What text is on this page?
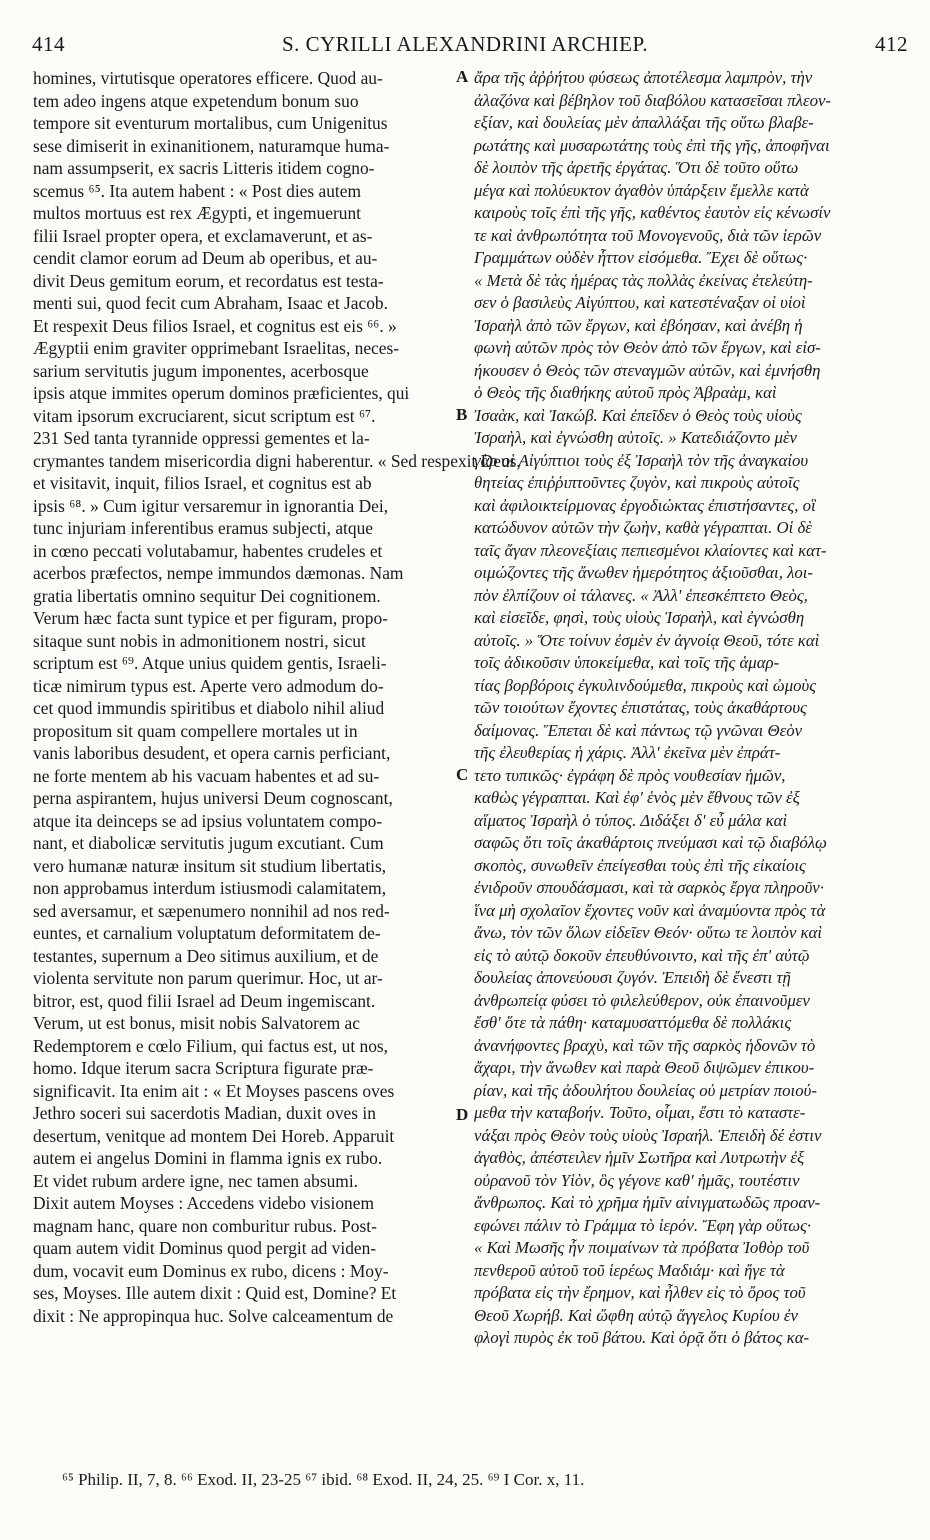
414	S. CYRILLI ALEXANDRINI ARCHIEP.	412
homines, virtutisque operatores efficere. Quod au-
tem adeo ingens atque expetendum bonum suo
tempore sit eventurum mortalibus, cum Unigenitus
sese dimiserit in exinanitionem, naturamque huma-
nam assumpserit, ex sacris Litteris itidem cogno-
scemus ⁶⁵. Ita autem habent : « Post dies autem
multos mortuus est rex Ægypti, et ingemuerunt
filii Israel propter opera, et exclamaverunt, et as-
cendit clamor eorum ad Deum ab operibus, et au-
divit Deus gemitum eorum, et recordatus est testa-
menti sui, quod fecit cum Abraham, Isaac et Jacob.
Et respexit Deus filios Israel, et cognitus est eis ⁶⁶. »
Ægyptii enim graviter opprimebant Israelitas, neces-
sarium servitutis jugum imponentes, acerbosque
ipsis atque immites operum dominos præficientes, qui
vitam ipsorum excruciarent, sicut scriptum est ⁶⁷.
231 Sed tanta tyrannide oppressi gementes et la-
crymantes tandem misericordia digni haberentur. « Sed respexit Deus,
et visitavit, inquit, filios Israel, et cognitus est ab
ipsis ⁶⁸. » Cum igitur versaremur in ignorantia Dei,
tunc injuriam inferentibus eramus subjecti, atque
in cœno peccati volutabamur, habentes crudeles et
acerbos præfectos, nempe immundos dæmonas. Nam
gratia libertatis omnino sequitur Dei cognitionem.
Verum hæc facta sunt typice et per figuram, propo-
sitaque sunt nobis in admonitionem nostri, sicut
scriptum est ⁶⁹. Atque unius quidem gentis, Israeli-
ticæ nimirum typus est. Aperte vero admodum do-
cet quod immundis spiritibus et diabolo nihil aliud
propositum sit quam compellere mortales ut in
vanis laboribus desudent, et opera carnis perficiant,
ne forte mentem ab his vacuam habentes et ad su-
perna aspirantem, hujus universi Deum cognoscant,
atque ita deinceps se ad ipsius voluntatem compo-
nant, et diabolicæ servitutis jugum excutiant. Cum
vero humanæ naturæ insitum sit studium libertatis,
non approbamus interdum istiusmodi calamitatem,
sed aversamur, et sæpenumero nonnihil ad nos red-
euntes, et carnalium voluptatum deformitatem de-
testantes, supernum a Deo sitimus auxilium, et de
violenta servitute non parum querimur. Hoc, ut ar-
bitror, est, quod filii Israel ad Deum ingemiscant.
Verum, ut est bonus, misit nobis Salvatorem ac
Redemptorem e cœlo Filium, qui factus est, ut nos,
homo. Idque iterum sacra Scriptura figurate præ-
significavit. Ita enim ait : « Et Moyses pascens oves
Jethro soceri sui sacerdotis Madian, duxit oves in
desertum, venitque ad montem Dei Horeb. Apparuit
autem ei angelus Domini in flamma ignis ex rubo.
Et videt rubum ardere igne, nec tamen absumi.
Dixit autem Moyses : Accedens videbo visionem
magnam hanc, quare non comburitur rubus. Post-
quam autem vidit Dominus quod pergit ad viden-
dum, vocavit eum Dominus ex rubo, dicens : Moy-
ses, Moyses. Ille autem dixit : Quid est, Domine? Et
dixit : Ne appropinqua huc. Solve calceamentum de
A
B
C
D
ἄρα τῆς ἀῤῥήτου φύσεως ἀποτέλεσμα λαμπρὸν, τὴν
ἀλαζόνα καὶ βέβηλον τοῦ διαβόλου κατασεῖσαι πλεον-
εξίαν, καὶ δουλείας μὲν ἀπαλλάξαι τῆς οὕτω βλαβε-
ρωτάτης καὶ μυσαρωτάτης τοὺς ἐπὶ τῆς γῆς, ἀποφῆναι
δὲ λοιπὸν τῆς ἀρετῆς ἐργάτας. Ὅτι δὲ τοῦτο οὕτω
μέγα καὶ πολύευκτον ἀγαθὸν ὑπάρξειν ἔμελλε κατὰ
καιροὺς τοῖς ἐπὶ τῆς γῆς, καθέντος ἑαυτὸν εἰς κένωσίν
τε καὶ ἀνθρωπότητα τοῦ Μονογενοῦς, διὰ τῶν ἱερῶν
Γραμμάτων οὐδὲν ἧττον εἰσόμεθα. Ἔχει δὲ οὕτως·
« Μετὰ δὲ τὰς ἡμέρας τὰς πολλὰς ἐκείνας ἐτελεύτη-
σεν ὁ βασιλεὺς Αἰγύπτου, καὶ κατεστέναξαν οἱ υἱοὶ
Ἰσραὴλ ἀπὸ τῶν ἔργων, καὶ ἐβόησαν, καὶ ἀνέβη ἡ
φωνὴ αὐτῶν πρὸς τὸν Θεὸν ἀπὸ τῶν ἔργων, καὶ εἰσ-
ήκουσεν ὁ Θεὸς τῶν στεναγμῶν αὐτῶν, καὶ ἐμνήσθη
ὁ Θεὸς τῆς διαθήκης αὐτοῦ πρὸς Ἀβραὰμ, καὶ
Ἰσαὰκ, καὶ Ἰακώβ. Καὶ ἐπεῖδεν ὁ Θεὸς τοὺς υἱοὺς
Ἰσραὴλ, καὶ ἐγνώσθη αὐτοῖς. » Κατεδιάζοντο μὲν
γὰρ οἱ Αἰγύπτιοι τοὺς ἐξ Ἰσραὴλ τὸν τῆς ἀναγκαίου
θητείας ἐπιῤῥιπτοῦντες ζυγὸν, καὶ πικροὺς αὐτοῖς
καὶ ἀφιλοικτείρμονας ἐργοδιώκτας ἐπιστήσαντες, οἳ
κατώδυνον αὐτῶν τὴν ζωὴν, καθὰ γέγραπται. Οἱ δὲ
ταῖς ἄγαν πλεονεξίαις πεπιεσμένοι κλαίοντες καὶ κατ-
οιμώζοντες τῆς ἄνωθεν ἡμερότητος ἀξιοῦσθαι, λοι-
πὸν ἐλπίζουν οἱ τάλανες. « Ἀλλ' ἐπεσκέπτετο Θεὸς,
καὶ εἰσεῖδε, φησὶ, τοὺς υἱοὺς Ἰσραὴλ, καὶ ἐγνώσθη
αὐτοῖς. » Ὅτε τοίνυν ἐσμὲν ἐν ἀγνοίᾳ Θεοῦ, τότε καὶ
τοῖς ἀδικοῦσιν ὑποκείμεθα, καὶ τοῖς τῆς ἁμαρ-
τίας βορβόροις ἐγκυλινδούμεθα, πικροὺς καὶ ὠμοὺς
τῶν τοιούτων ἔχοντες ἐπιστάτας, τοὺς ἀκαθάρτους
δαίμονας. Ἕπεται δὲ καὶ πάντως τῷ γνῶναι Θεὸν
τῆς ἐλευθερίας ἡ χάρις. Ἀλλ' ἐκεῖνα μὲν ἐπράτ-
τετο τυπικῶς· ἐγράφη δὲ πρὸς νουθεσίαν ἡμῶν,
καθὼς γέγραπται. Καὶ ἐφ' ἑνὸς μὲν ἔθνους τῶν ἐξ
αἵματος Ἰσραὴλ ὁ τύπος. Διδάξει δ' εὖ μάλα καὶ
σαφῶς ὅτι τοῖς ἀκαθάρτοις πνεύμασι καὶ τῷ διαβόλῳ
σκοπὸς, συνωθεῖν ἐπείγεσθαι τοὺς ἐπὶ τῆς εἰκαίοις
ἐνιδροῦν σπουδάσμασι, καὶ τὰ σαρκὸς ἔργα πληροῦν·
ἵνα μὴ σχολαῖον ἔχοντες νοῦν καὶ ἀναμύοντα πρὸς τὰ
ἄνω, τὸν τῶν ὅλων εἰδεῖεν Θεόν· οὕτω τε λοιπὸν καὶ
εἰς τὸ αὐτῷ δοκοῦν ἐπευθύνοιντο, καὶ τῆς ἐπ' αὐτῷ
δουλείας ἀπονεύουσι ζυγόν. Ἐπειδὴ δὲ ἔνεστι τῇ
ἀνθρωπείᾳ φύσει τὸ φιλελεύθερον, οὐκ ἐπαινοῦμεν
ἔσθ' ὅτε τὰ πάθη· καταμυσαττόμεθα δὲ πολλάκις
ἀνανήφοντες βραχὺ, καὶ τῶν τῆς σαρκὸς ἡδονῶν τὸ
ἄχαρι, τὴν ἄνωθεν καὶ παρὰ Θεοῦ διψῶμεν ἐπικου-
ρίαν, καὶ τῆς ἀδουλήτου δουλείας οὐ μετρίαν ποιού-
μεθα τὴν καταβοήν. Τοῦτο, οἶμαι, ἔστι τὸ καταστε-
νάξαι πρὸς Θεὸν τοὺς υἱοὺς Ἰσραήλ. Ἐπειδὴ δέ ἐστιν
ἀγαθὸς, ἀπέστειλεν ἡμῖν Σωτῆρα καὶ Λυτρωτὴν ἐξ
οὐρανοῦ τὸν Υἱὸν, ὃς γέγονε καθ' ἡμᾶς, τουτέστιν
ἄνθρωπος. Καὶ τὸ χρῆμα ἡμῖν αἰνιγματωδῶς προαν-
εφώνει πάλιν τὸ Γράμμα τὸ ἱερόν. Ἔφη γὰρ οὕτως·
« Καὶ Μωσῆς ἦν ποιμαίνων τὰ πρόβατα Ἰοθὸρ τοῦ
πενθεροῦ αὐτοῦ τοῦ ἱερέως Μαδιάμ· καὶ ἤγε τὰ
πρόβατα εἰς τὴν ἔρημον, καὶ ἦλθεν εἰς τὸ ὄρος τοῦ
Θεοῦ Χωρήβ. Καὶ ὤφθη αὐτῷ ἄγγελος Κυρίου ἐν
φλογὶ πυρὸς ἐκ τοῦ βάτου. Καὶ ὁρᾷ ὅτι ὁ βάτος κα-
⁶⁵ Philip. II, 7, 8. ⁶⁶ Exod. II, 23-25 ⁶⁷ ibid. ⁶⁸ Exod. II, 24, 25. ⁶⁹ I Cor. x, 11.
